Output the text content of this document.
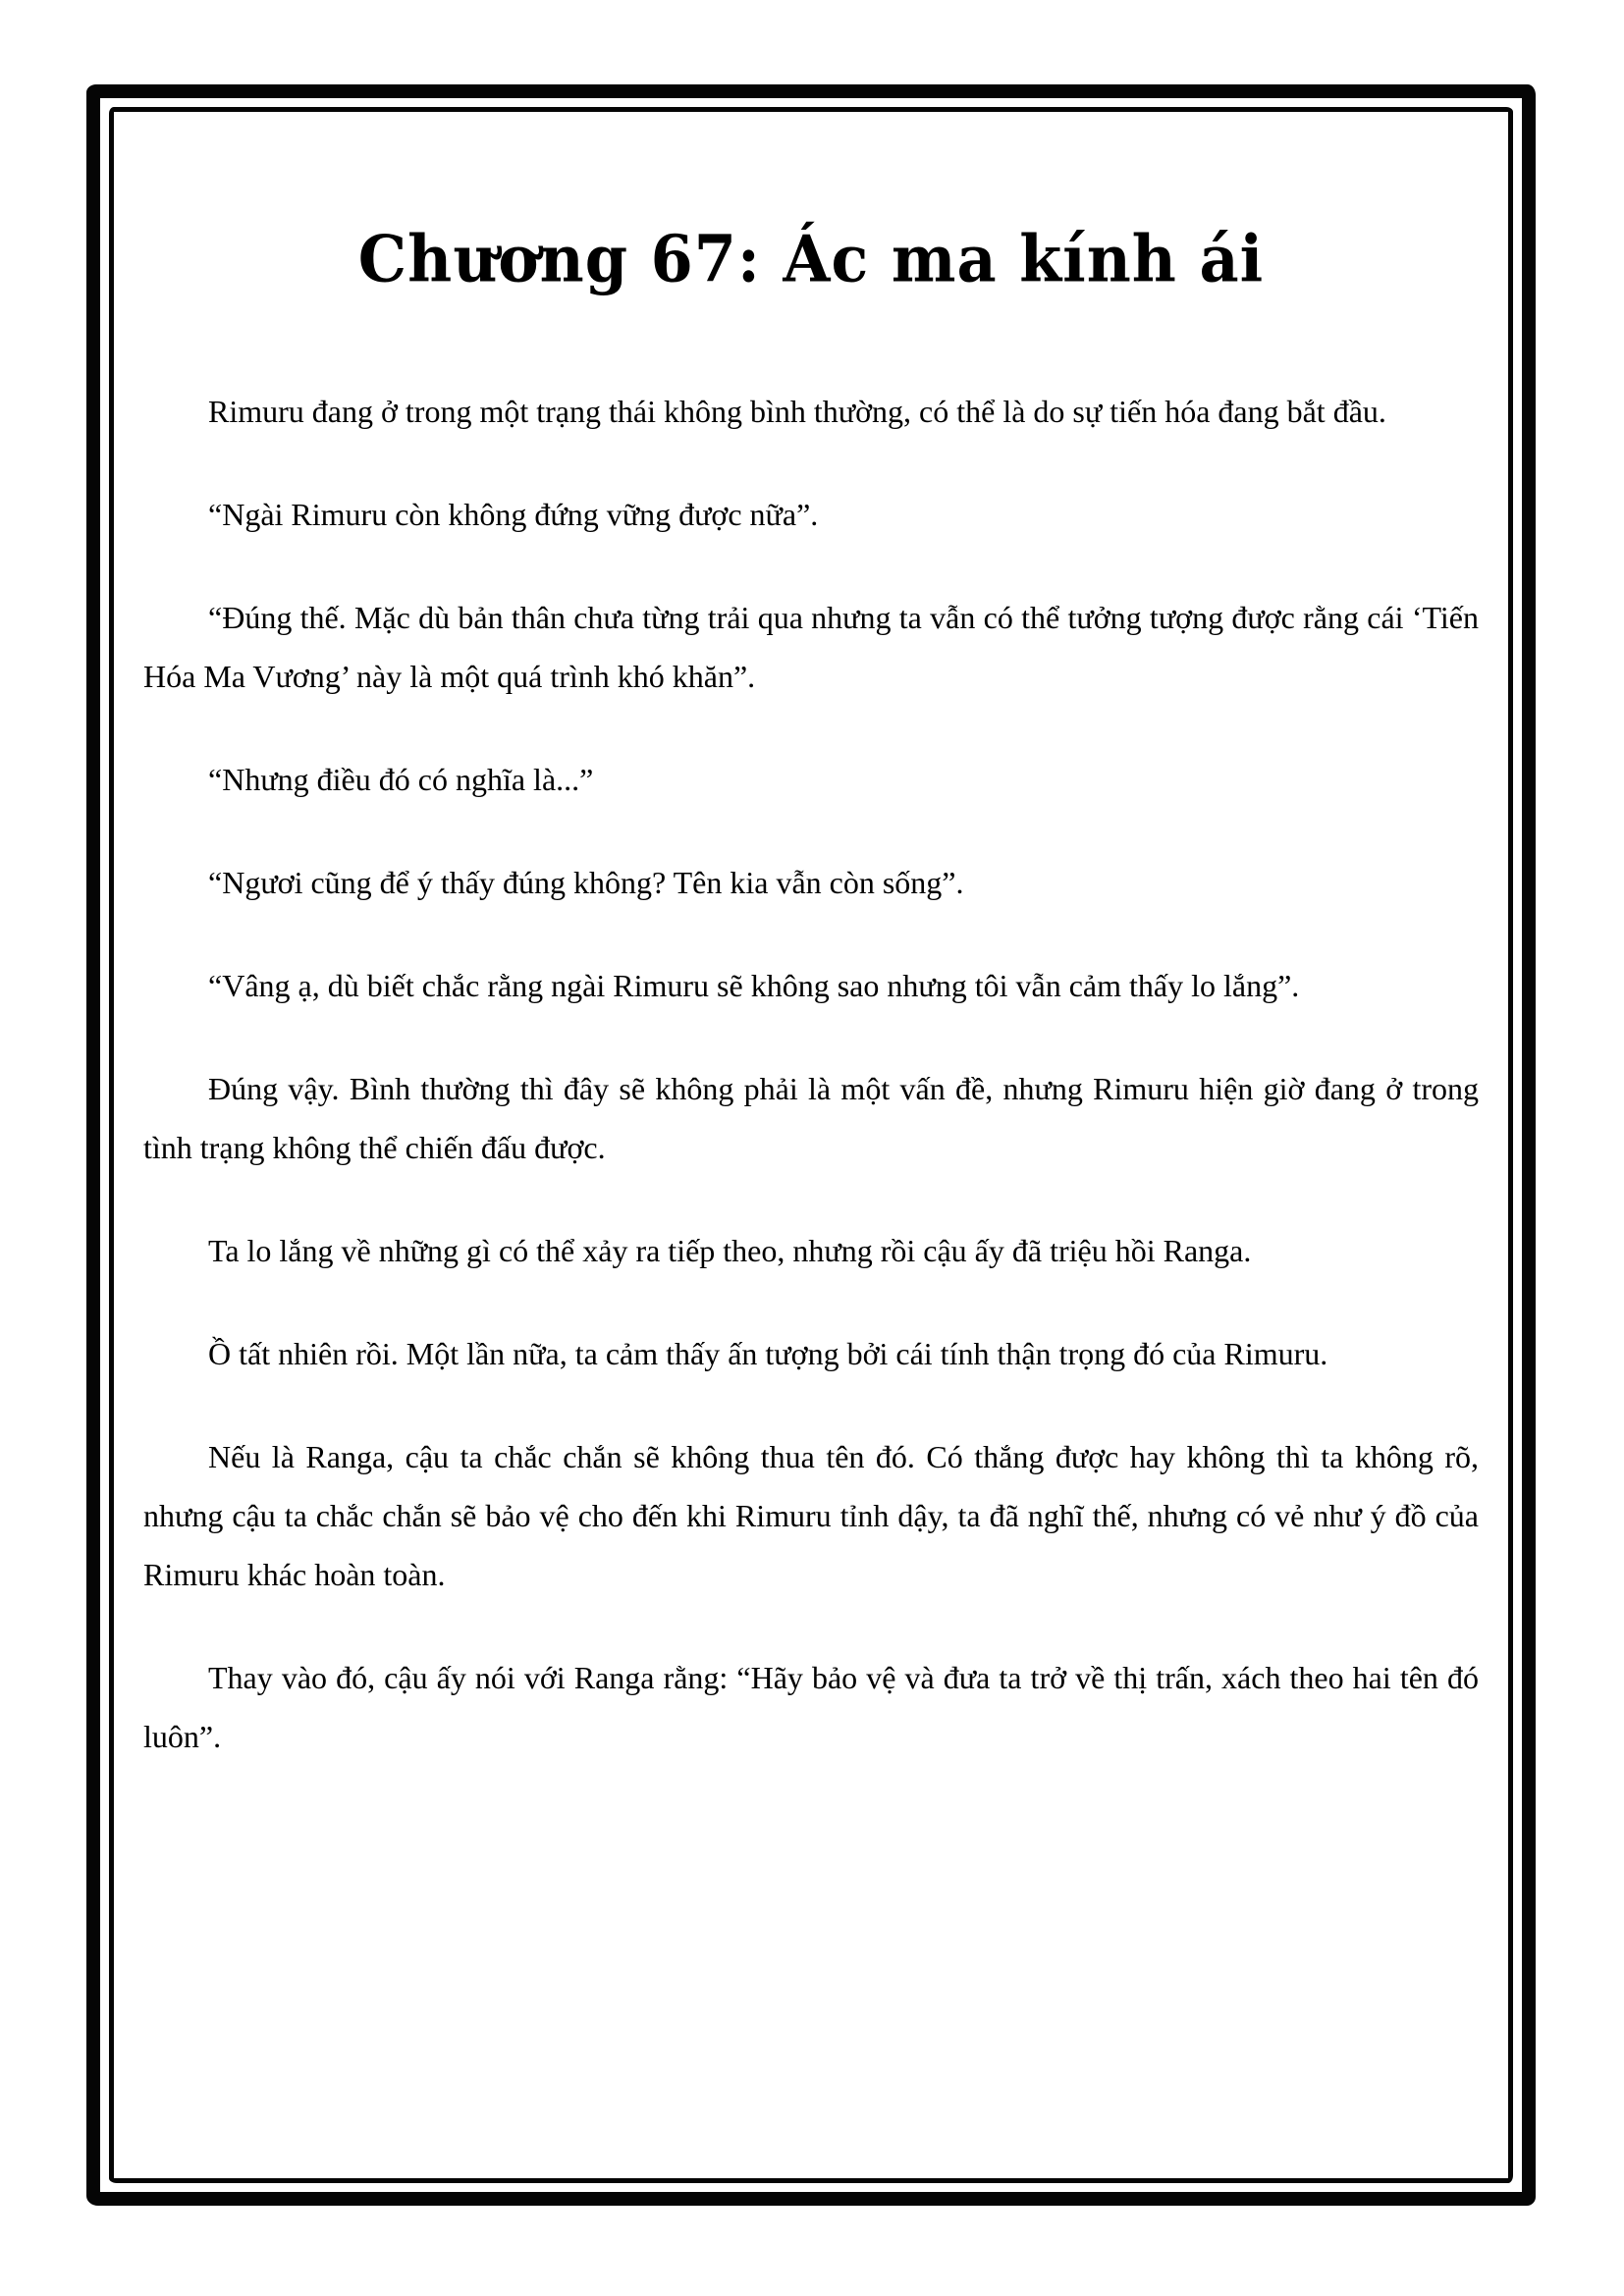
Chương 67: Ác ma kính ái

Rimuru đang ở trong một trạng thái không bình thường, có thể là do sự tiến hóa đang bắt đầu.

“Ngài Rimuru còn không đứng vững được nữa”.

“Đúng thế. Mặc dù bản thân chưa từng trải qua nhưng ta vẫn có thể tưởng tượng được rằng cái ‘Tiến Hóa Ma Vương’ này là một quá trình khó khăn”.

“Nhưng điều đó có nghĩa là...”

“Ngươi cũng để ý thấy đúng không? Tên kia vẫn còn sống”.

“Vâng ạ, dù biết chắc rằng ngài Rimuru sẽ không sao nhưng tôi vẫn cảm thấy lo lắng”.

Đúng vậy. Bình thường thì đây sẽ không phải là một vấn đề, nhưng Rimuru hiện giờ đang ở trong tình trạng không thể chiến đấu được.

Ta lo lắng về những gì có thể xảy ra tiếp theo, nhưng rồi cậu ấy đã triệu hồi Ranga.

Ồ tất nhiên rồi. Một lần nữa, ta cảm thấy ấn tượng bởi cái tính thận trọng đó của Rimuru.

Nếu là Ranga, cậu ta chắc chắn sẽ không thua tên đó. Có thắng được hay không thì ta không rõ, nhưng cậu ta chắc chắn sẽ bảo vệ cho đến khi Rimuru tỉnh dậy, ta đã nghĩ thế, nhưng có vẻ như ý đồ của Rimuru khác hoàn toàn.

Thay vào đó, cậu ấy nói với Ranga rằng: “Hãy bảo vệ và đưa ta trở về thị trấn, xách theo hai tên đó luôn”.
